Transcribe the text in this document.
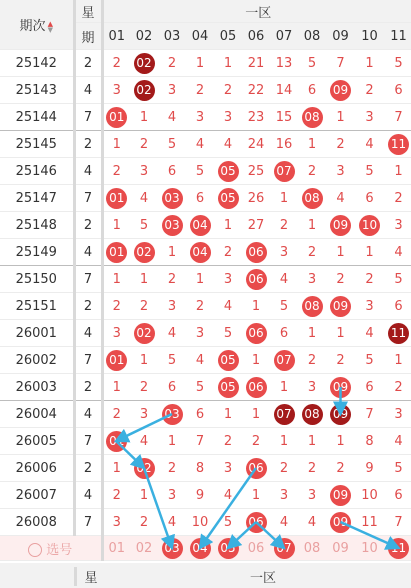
期次 ▲
▼	星	一区										
	期	01	02	03	04	05	06	07	08	09	10	11
25142	2	2	02	2	1	1	21	13	5	7	1	5
25143	4	3	02	3	2	2	22	14	6	09	2	6
25144	7	01	1	4	3	3	23	15	08	1	3	7
25145	2	1	2	5	4	4	24	16	1	2	4	11
25146	4	2	3	6	5	05	25	07	2	3	5	1
25147	7	01	4	03	6	05	26	1	08	4	6	2
25148	2	1	5	03	04	1	27	2	1	09	10	3
25149	4	01	02	1	04	2	06	3	2	1	1	4
25150	7	1	1	2	1	3	06	4	3	2	2	5
25151	2	2	2	3	2	4	1	5	08	09	3	6
26001	4	3	02	4	3	5	06	6	1	1	4	11
26002	7	01	1	5	4	05	1	07	2	2	5	1
26003	2	1	2	6	5	05	06	1	3	09	6	2
26004	4	2	3	03	6	1	1	07	08	09	7	3
26005	7	01	4	1	7	2	2	1	1	1	8	4
26006	2	1	02	2	8	3	06	2	2	2	9	5
26007	4	2	1	3	9	4	1	3	3	09	10	6
26008	7	3	2	4	10	5	06	4	4	09	11	7
选号		01	02	03	04	05	06	07	08	09	10	11
星	一区
